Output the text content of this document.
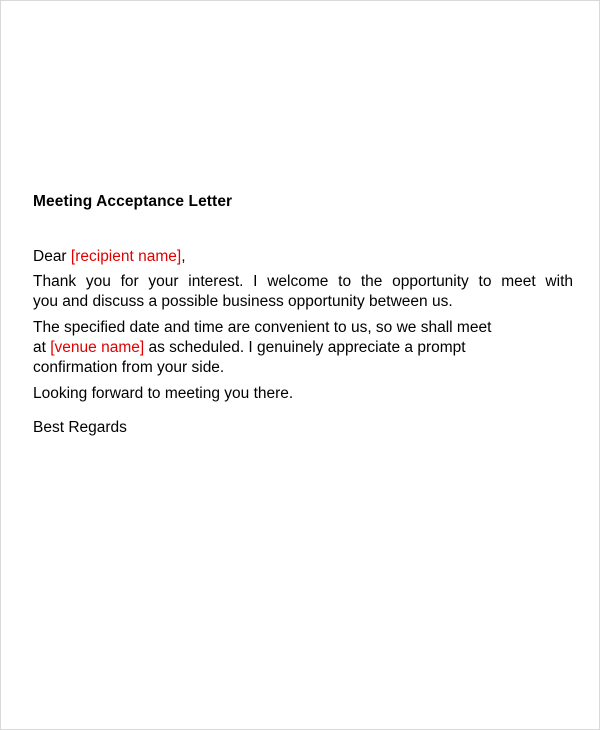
Meeting Acceptance Letter

Dear [recipient name],

Thank you for your interest. I welcome to the opportunity to meet with
you and discuss a possible business opportunity between us.

The specified date and time are convenient to us, so we shall meet
at [venue name] as scheduled. I genuinely appreciate a prompt
confirmation from your side.

Looking forward to meeting you there.

Best Regards
